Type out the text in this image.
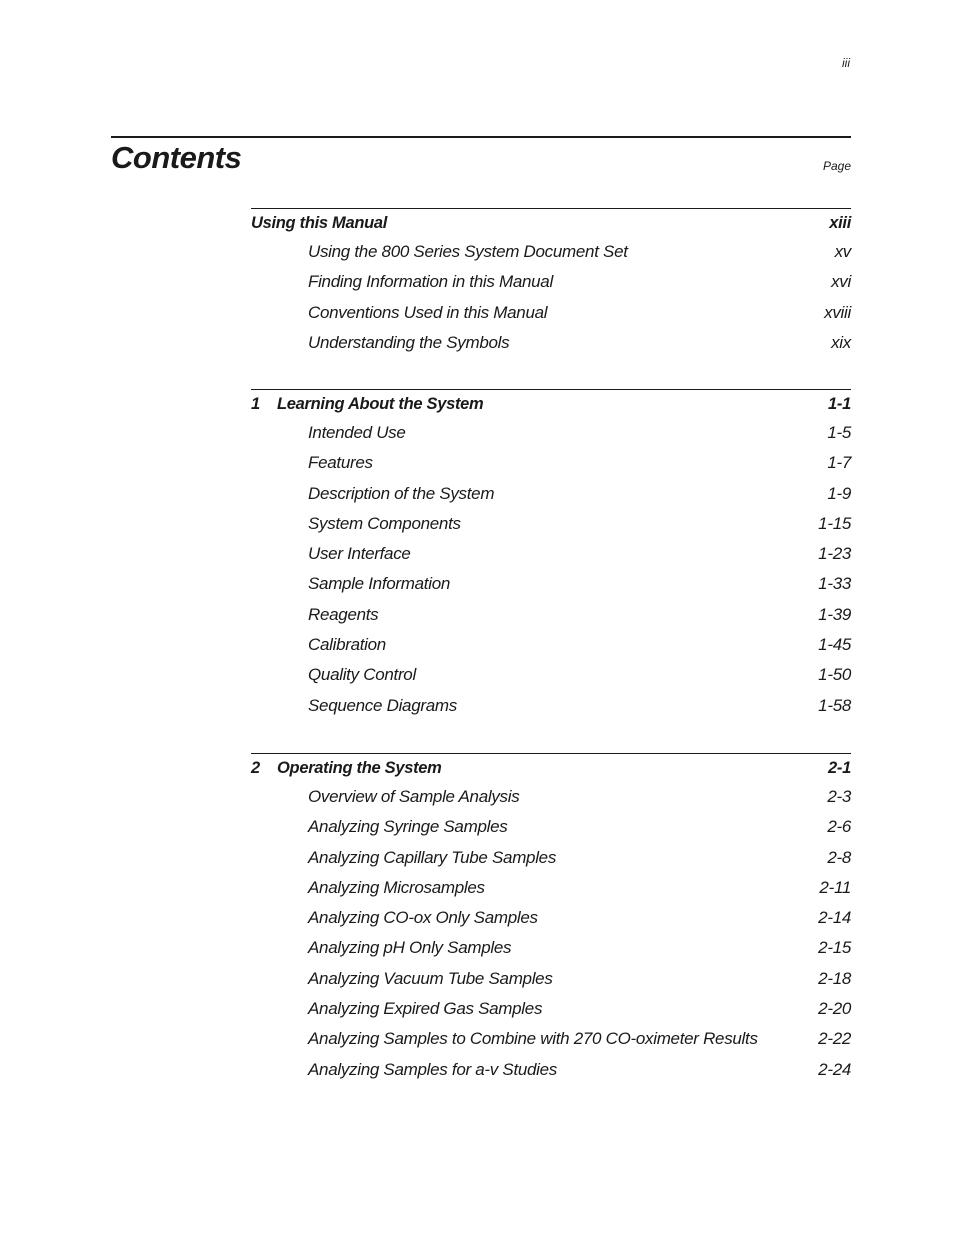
iii
Contents	Page
Using this Manual	xiii
Using the 800 Series System Document Set	xv
Finding Information in this Manual	xvi
Conventions Used in this Manual	xviii
Understanding the Symbols	xix
1 Learning About the System	1-1
Intended Use	1-5
Features	1-7
Description of the System	1-9
System Components	1-15
User Interface	1-23
Sample Information	1-33
Reagents	1-39
Calibration	1-45
Quality Control	1-50
Sequence Diagrams	1-58
2 Operating the System	2-1
Overview of Sample Analysis	2-3
Analyzing Syringe Samples	2-6
Analyzing Capillary Tube Samples	2-8
Analyzing Microsamples	2-11
Analyzing CO-ox Only Samples	2-14
Analyzing pH Only Samples	2-15
Analyzing Vacuum Tube Samples	2-18
Analyzing Expired Gas Samples	2-20
Analyzing Samples to Combine with 270 CO-oximeter Results	2-22
Analyzing Samples for a-v Studies	2-24
